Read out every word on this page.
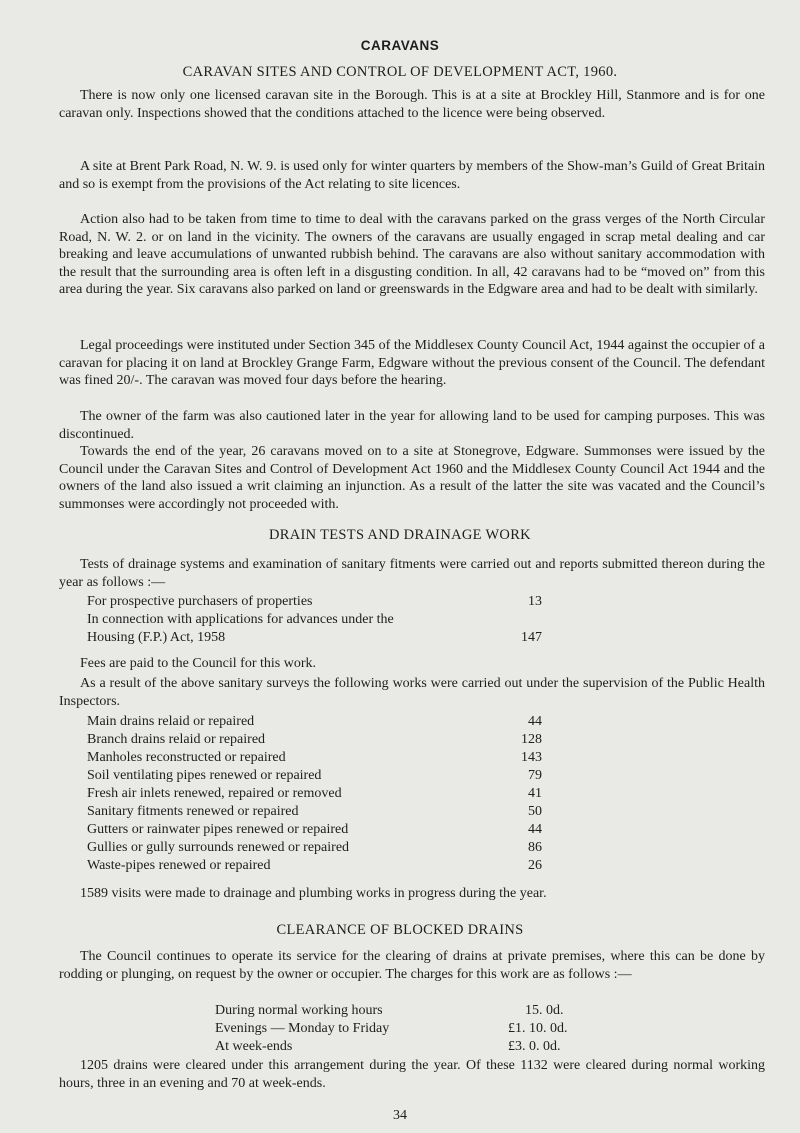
CARAVANS
CARAVAN SITES AND CONTROL OF DEVELOPMENT ACT, 1960.

There is now only one licensed caravan site in the Borough. This is at a site at Brockley Hill, Stanmore and is for one caravan only. Inspections showed that the conditions attached to the licence were being observed.

A site at Brent Park Road, N. W. 9. is used only for winter quarters by members of the Show-man’s Guild of Great Britain and so is exempt from the provisions of the Act relating to site licences.

Action also had to be taken from time to time to deal with the caravans parked on the grass verges of the North Circular Road, N. W. 2. or on land in the vicinity. The owners of the caravans are usually engaged in scrap metal dealing and car breaking and leave accumulations of unwanted rubbish behind. The caravans are also without sanitary accommodation with the result that the surrounding area is often left in a disgusting condition. In all, 42 caravans had to be “moved on” from this area during the year. Six caravans also parked on land or greenswards in the Edgware area and had to be dealt with similarly.

Legal proceedings were instituted under Section 345 of the Middlesex County Council Act, 1944 against the occupier of a caravan for placing it on land at Brockley Grange Farm, Edgware without the previous consent of the Council. The defendant was fined 20/-. The caravan was moved four days before the hearing.

The owner of the farm was also cautioned later in the year for allowing land to be used for camping purposes. This was discontinued.

Towards the end of the year, 26 caravans moved on to a site at Stonegrove, Edgware. Summonses were issued by the Council under the Caravan Sites and Control of Development Act 1960 and the Middlesex County Council Act 1944 and the owners of the land also issued a writ claiming an injunction. As a result of the latter the site was vacated and the Council’s summonses were accordingly not proceeded with.

DRAIN TESTS AND DRAINAGE WORK

Tests of drainage systems and examination of sanitary fitments were carried out and reports submitted thereon during the year as follows :—

For prospective purchasers of properties	13
In connection with applications for advances under the
Housing (F.P.) Act, 1958	147
Fees are paid to the Council for this work.

As a result of the above sanitary surveys the following works were carried out under the supervision of the Public Health Inspectors.

Main drains relaid or repaired	44
Branch drains relaid or repaired	128
Manholes reconstructed or repaired	143
Soil ventilating pipes renewed or repaired	79
Fresh air inlets renewed, repaired or removed	41
Sanitary fitments renewed or repaired	50
Gutters or rainwater pipes renewed or repaired	44
Gullies or gully surrounds renewed or repaired	86
Waste-pipes renewed or repaired	26
1589 visits were made to drainage and plumbing works in progress during the year.
CLEARANCE OF BLOCKED DRAINS

The Council continues to operate its service for the clearing of drains at private premises, where this can be done by rodding or plunging, on request by the owner or occupier. The charges for this work are as follows :—

During normal working hours	15. 0d.
Evenings — Monday to Friday	£1. 10. 0d.
At week-ends	£3. 0. 0d.

1205 drains were cleared under this arrangement during the year. Of these 1132 were cleared during normal working hours, three in an evening and 70 at week-ends.

34
